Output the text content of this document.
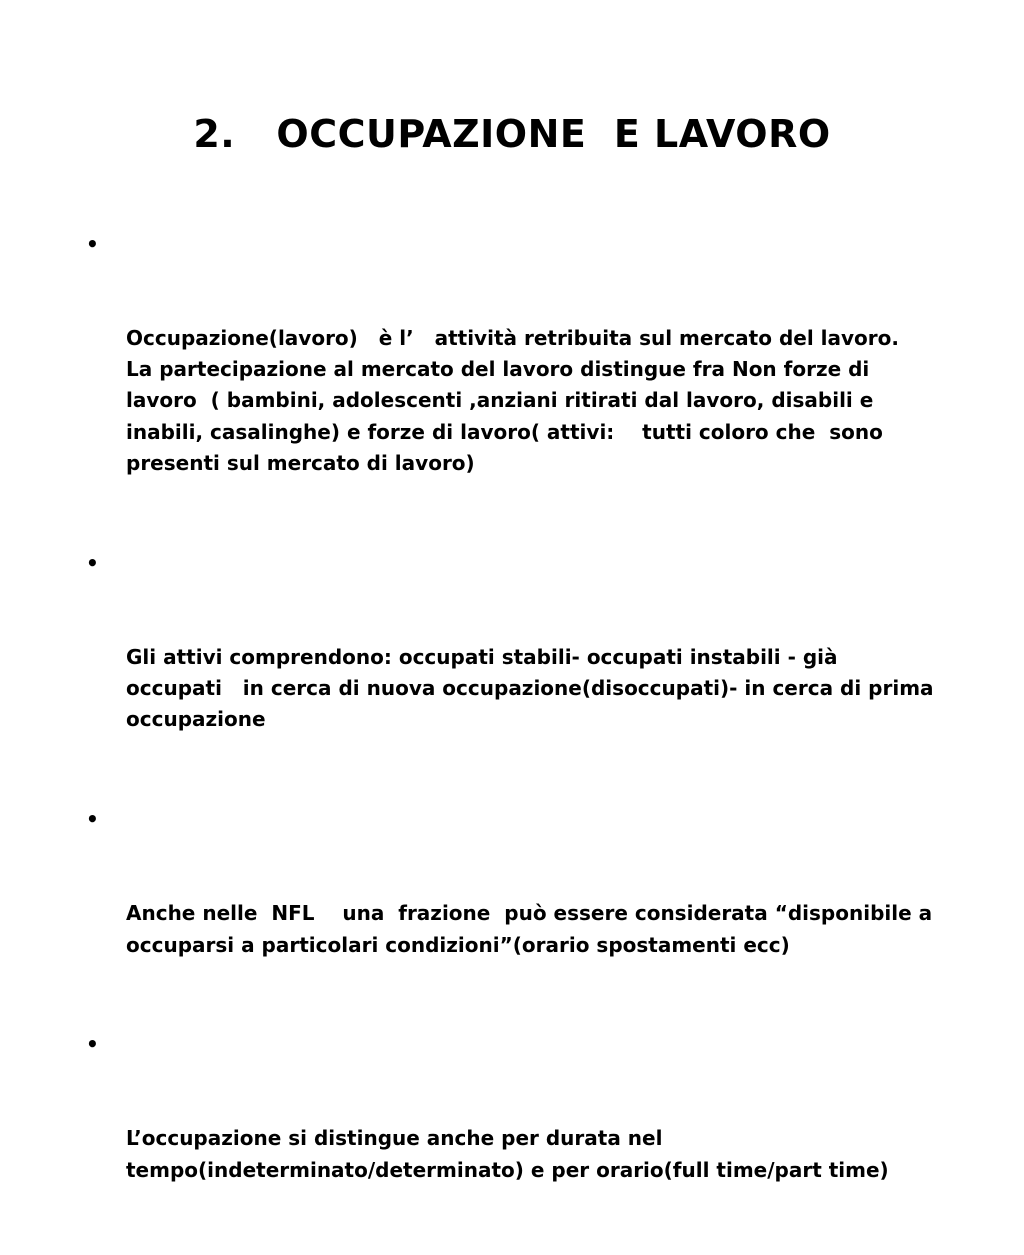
2.   OCCUPAZIONE  E LAVORO

•

Occupazione(lavoro)   è l’   attività retribuita sul mercato del lavoro.   La partecipazione al mercato del lavoro distingue fra Non forze di lavoro  ( bambini, adolescenti ,anziani ritirati dal lavoro, disabili e inabili, casalinghe) e forze di lavoro( attivi:    tutti coloro che  sono presenti sul mercato di lavoro)

•

Gli attivi comprendono: occupati stabili- occupati instabili - già occupati   in cerca di nuova occupazione(disoccupati)- in cerca di prima occupazione

•

Anche nelle  NFL    una  frazione  può essere considerata “disponibile a occuparsi a particolari condizioni”(orario spostamenti ecc)

•

L’occupazione si distingue anche per durata nel tempo(indeterminato/determinato) e per orario(full time/part time)
